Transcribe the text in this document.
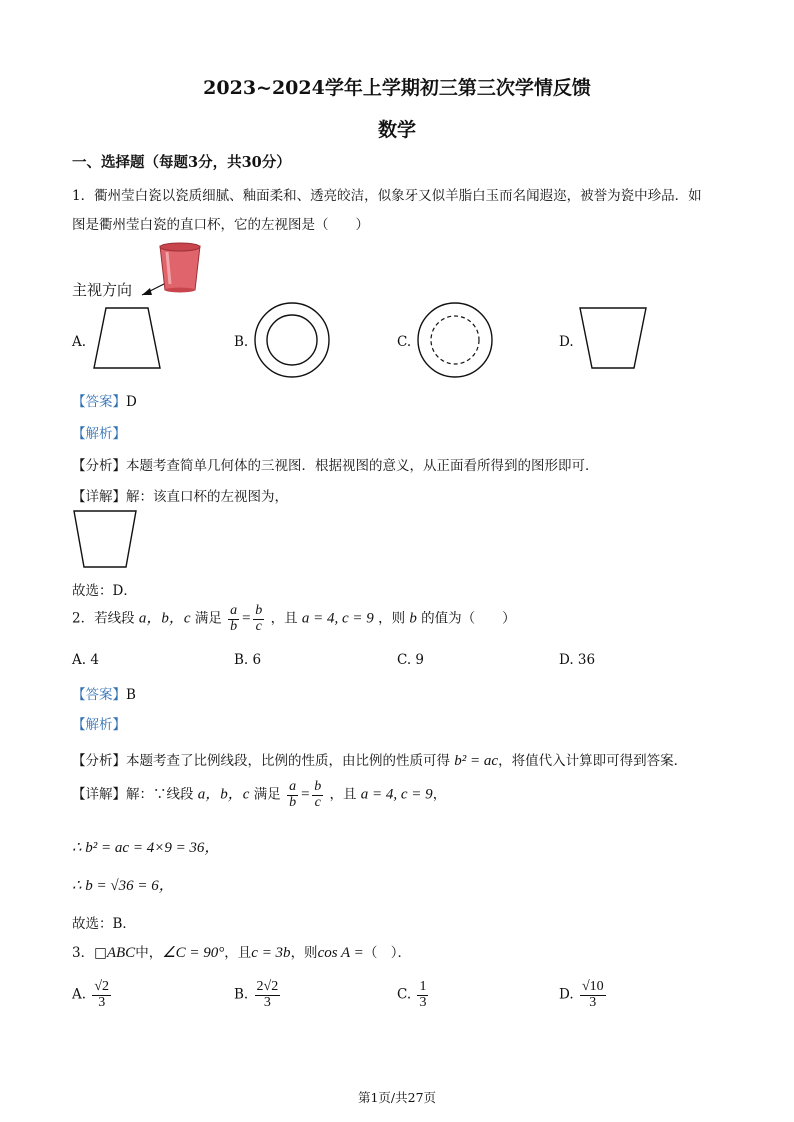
2023~2024学年上学期初三第三次学情反馈
数学
一、选择题（每题3分，共30分）
1．衢州莹白瓷以瓷质细腻、釉面柔和、透亮皎洁，似象牙又似羊脂白玉而名闻遐迩，被誉为瓷中珍品．如
图是衢州莹白瓷的直口杯，它的左视图是（　　）
主视方向
A.	B.	C.	D.
【答案】D
【解析】
【分析】本题考查简单几何体的三视图．根据视图的意义，从正面看所得到的图形即可．
【详解】解：该直口杯的左视图为，
故选：D．
2．若线段 a，b，c 满足 $\frac{a}{b} = \frac{b}{c}$ ，且 a = 4, c = 9 ，则 b 的值为（　　）
A. 4	B. 6	C. 9	D. 36
【答案】B
【解析】
【分析】本题考查了比例线段，比例的性质，由比例的性质可得 b² = ac，将值代入计算即可得到答案．
【详解】解：∵线段 a，b，c 满足 $\frac{a}{b} = \frac{b}{c}$ ，且 a = 4, c = 9，
∴ b² = ac = 4×9 = 36，
∴ b = √36 = 6，
故选：B．
3．□ABC中，∠C = 90°，且c = 3b，则cos A =（　）．
A. $\frac{√2}{3}$	B. $\frac{2√2}{3}$	C. $\frac{1}{3}$	D. $\frac{√10}{3}$
第1页/共27页
